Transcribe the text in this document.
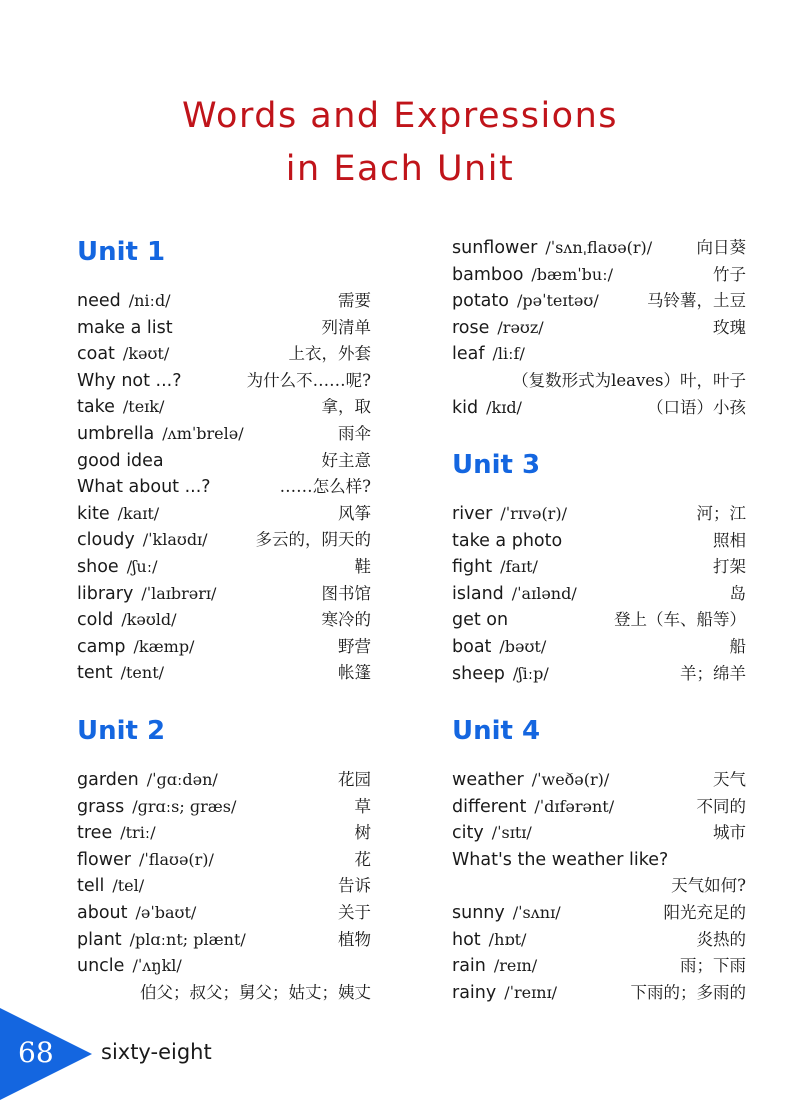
Words and Expressions
in Each Unit
Unit 1
need /niːd/	需要
make a list	列清单
coat /kəʊt/	上衣，外套
Why not ...?	为什么不……呢?
take /teɪk/	拿，取
umbrella /ʌmˈbrelə/	雨伞
good idea	好主意
What about ...?	……怎么样?
kite /kaɪt/	风筝
cloudy /ˈklaʊdɪ/	多云的，阴天的
shoe /ʃuː/	鞋
library /ˈlaɪbrərɪ/	图书馆
cold /kəʊld/	寒冷的
camp /kæmp/	野营
tent /tent/	帐篷
Unit 2
garden /ˈɡɑːdən/	花园
grass /ɡrɑːs; ɡræs/	草
tree /triː/	树
flower /ˈflaʊə(r)/	花
tell /tel/	告诉
about /əˈbaʊt/	关于
plant /plɑːnt; plænt/	植物
uncle /ˈʌŋkl/
伯父；叔父；舅父；姑丈；姨丈
sunflower /ˈsʌnˌflaʊə(r)/	向日葵
bamboo /bæmˈbuː/	竹子
potato /pəˈteɪtəʊ/	马铃薯，土豆
rose /rəʊz/	玫瑰
leaf /liːf/
（复数形式为leaves）叶，叶子
kid /kɪd/	（口语）小孩
Unit 3
river /ˈrɪvə(r)/	河；江
take a photo	照相
fight /faɪt/	打架
island /ˈaɪlənd/	岛
get on	登上（车、船等）
boat /bəʊt/	船
sheep /ʃiːp/	羊；绵羊
Unit 4
weather /ˈweðə(r)/	天气
different /ˈdɪfərənt/	不同的
city /ˈsɪtɪ/	城市
What's the weather like?
天气如何?
sunny /ˈsʌnɪ/	阳光充足的
hot /hɒt/	炎热的
rain /reɪn/	雨；下雨
rainy /ˈreɪnɪ/	下雨的；多雨的
68 sixty-eight
